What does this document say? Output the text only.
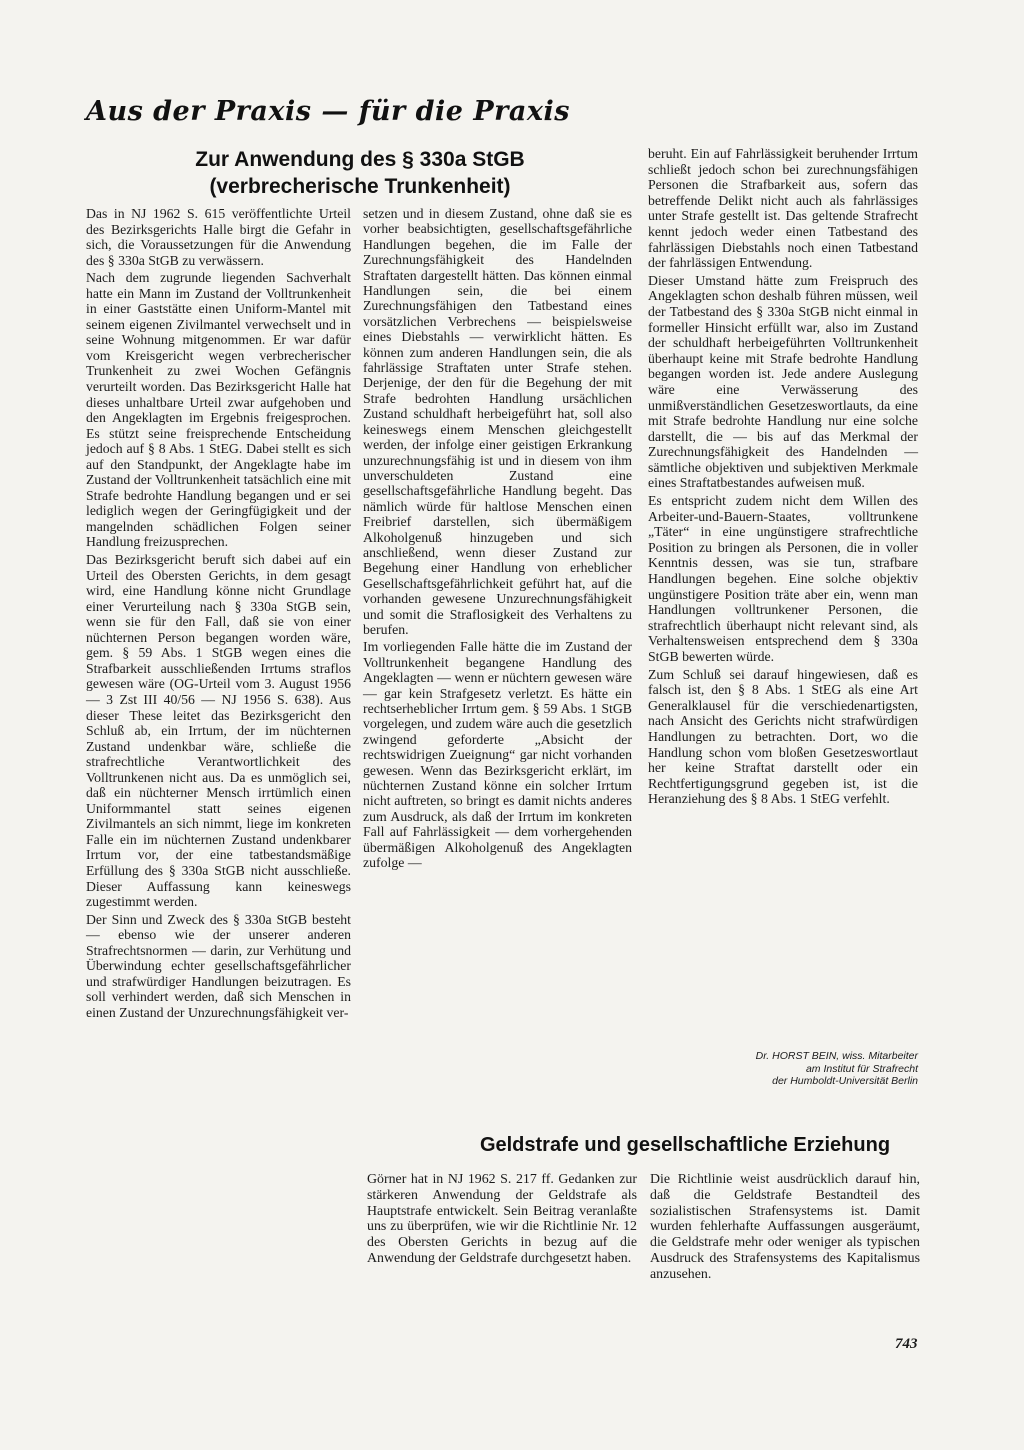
Aus der Praxis — für die Praxis
Zur Anwendung des § 330a StGB
(verbrecherische Trunkenheit)

Das in NJ 1962 S. 615 veröffentlichte Urteil des Bezirksgerichts Halle birgt die Gefahr in sich, die Voraussetzungen für die Anwendung des § 330a StGB zu verwässern.

Nach dem zugrunde liegenden Sachverhalt hatte ein Mann im Zustand der Volltrunkenheit in einer Gaststätte einen Uniform-Mantel mit seinem eigenen Zivilmantel verwechselt und in seine Wohnung mitgenommen. Er war dafür vom Kreisgericht wegen verbrecherischer Trunkenheit zu zwei Wochen Gefängnis verurteilt worden. Das Bezirksgericht Halle hat dieses unhaltbare Urteil zwar aufgehoben und den Angeklagten im Ergebnis freigesprochen. Es stützt seine freisprechende Entscheidung jedoch auf § 8 Abs. 1 StEG. Dabei stellt es sich auf den Standpunkt, der Angeklagte habe im Zustand der Volltrunkenheit tatsächlich eine mit Strafe bedrohte Handlung begangen und er sei lediglich wegen der Geringfügigkeit und der mangelnden schädlichen Folgen seiner Handlung freizusprechen.

Das Bezirksgericht beruft sich dabei auf ein Urteil des Obersten Gerichts, in dem gesagt wird, eine Handlung könne nicht Grundlage einer Verurteilung nach § 330a StGB sein, wenn sie für den Fall, daß sie von einer nüchternen Person begangen worden wäre, gem. § 59 Abs. 1 StGB wegen eines die Strafbarkeit ausschließenden Irrtums straflos gewesen wäre (OG-Urteil vom 3. August 1956 — 3 Zst III 40/56 — NJ 1956 S. 638). Aus dieser These leitet das Bezirksgericht den Schluß ab, ein Irrtum, der im nüchternen Zustand undenkbar wäre, schließe die strafrechtliche Verantwortlichkeit des Volltrunkenen nicht aus. Da es unmöglich sei, daß ein nüchterner Mensch irrtümlich einen Uniformmantel statt seines eigenen Zivilmantels an sich nimmt, liege im konkreten Falle ein im nüchternen Zustand undenkbarer Irrtum vor, der eine tatbestandsmäßige Erfüllung des § 330a StGB nicht ausschließe. Dieser Auffassung kann keineswegs zugestimmt werden.

Der Sinn und Zweck des § 330a StGB besteht — ebenso wie der unserer anderen Strafrechtsnormen — darin, zur Verhütung und Überwindung echter gesellschaftsgefährlicher und strafwürdiger Handlungen beizutragen. Es soll verhindert werden, daß sich Menschen in einen Zustand der Unzurechnungsfähigkeit ver-

setzen und in diesem Zustand, ohne daß sie es vorher beabsichtigten, gesellschaftsgefährliche Handlungen begehen, die im Falle der Zurechnungsfähigkeit des Handelnden Straftaten dargestellt hätten. Das können einmal Handlungen sein, die bei einem Zurechnungsfähigen den Tatbestand eines vorsätzlichen Verbrechens — beispielsweise eines Diebstahls — verwirklicht hätten. Es können zum anderen Handlungen sein, die als fahrlässige Straftaten unter Strafe stehen. Derjenige, der den für die Begehung der mit Strafe bedrohten Handlung ursächlichen Zustand schuldhaft herbeigeführt hat, soll also keineswegs einem Menschen gleichgestellt werden, der infolge einer geistigen Erkrankung unzurechnungsfähig ist und in diesem von ihm unverschuldeten Zustand eine gesellschaftsgefährliche Handlung begeht. Das nämlich würde für haltlose Menschen einen Freibrief darstellen, sich übermäßigem Alkoholgenuß hinzugeben und sich anschließend, wenn dieser Zustand zur Begehung einer Handlung von erheblicher Gesellschaftsgefährlichkeit geführt hat, auf die vorhanden gewesene Unzurechnungsfähigkeit und somit die Straflosigkeit des Verhaltens zu berufen.

Im vorliegenden Falle hätte die im Zustand der Volltrunkenheit begangene Handlung des Angeklagten — wenn er nüchtern gewesen wäre — gar kein Strafgesetz verletzt. Es hätte ein rechtserheblicher Irrtum gem. § 59 Abs. 1 StGB vorgelegen, und zudem wäre auch die gesetzlich zwingend geforderte „Absicht der rechtswidrigen Zueignung“ gar nicht vorhanden gewesen. Wenn das Bezirksgericht erklärt, im nüchternen Zustand könne ein solcher Irrtum nicht auftreten, so bringt es damit nichts anderes zum Ausdruck, als daß der Irrtum im konkreten Fall auf Fahrlässigkeit — dem vorhergehenden übermäßigen Alkoholgenuß des Angeklagten zufolge —

beruht. Ein auf Fahrlässigkeit beruhender Irrtum schließt jedoch schon bei zurechnungsfähigen Personen die Strafbarkeit aus, sofern das betreffende Delikt nicht auch als fahrlässiges unter Strafe gestellt ist. Das geltende Strafrecht kennt jedoch weder einen Tatbestand des fahrlässigen Diebstahls noch einen Tatbestand der fahrlässigen Entwendung.

Dieser Umstand hätte zum Freispruch des Angeklagten schon deshalb führen müssen, weil der Tatbestand des § 330a StGB nicht einmal in formeller Hinsicht erfüllt war, also im Zustand der schuldhaft herbeigeführten Volltrunkenheit überhaupt keine mit Strafe bedrohte Handlung begangen worden ist. Jede andere Auslegung wäre eine Verwässerung des unmißverständlichen Gesetzeswortlauts, da eine mit Strafe bedrohte Handlung nur eine solche darstellt, die — bis auf das Merkmal der Zurechnungsfähigkeit des Handelnden — sämtliche objektiven und subjektiven Merkmale eines Straftatbestandes aufweisen muß.

Es entspricht zudem nicht dem Willen des Arbeiter-und-Bauern-Staates, volltrunkene „Täter“ in eine ungünstigere strafrechtliche Position zu bringen als Personen, die in voller Kenntnis dessen, was sie tun, strafbare Handlungen begehen. Eine solche objektiv ungünstigere Position träte aber ein, wenn man Handlungen volltrunkener Personen, die strafrechtlich überhaupt nicht relevant sind, als Verhaltensweisen entsprechend dem § 330a StGB bewerten würde.

Zum Schluß sei darauf hingewiesen, daß es falsch ist, den § 8 Abs. 1 StEG als eine Art Generalklausel für die verschiedenartigsten, nach Ansicht des Gerichts nicht strafwürdigen Handlungen zu betrachten. Dort, wo die Handlung schon vom bloßen Gesetzeswortlaut her keine Straftat darstellt oder ein Rechtfertigungsgrund gegeben ist, ist die Heranziehung des § 8 Abs. 1 StEG verfehlt.

Dr. HORST BEIN, wiss. Mitarbeiter
am Institut für Strafrecht
der Humboldt-Universität Berlin
Geldstrafe und gesellschaftliche Erziehung

Görner hat in NJ 1962 S. 217 ff. Gedanken zur stärkeren Anwendung der Geldstrafe als Hauptstrafe entwickelt. Sein Beitrag veranlaßte uns zu überprüfen, wie wir die Richtlinie Nr. 12 des Obersten Gerichts in bezug auf die Anwendung der Geldstrafe durchgesetzt haben.

Die Richtlinie weist ausdrücklich darauf hin, daß die Geldstrafe Bestandteil des sozialistischen Strafensystems ist. Damit wurden fehlerhafte Auffassungen ausgeräumt, die Geldstrafe mehr oder weniger als typischen Ausdruck des Strafensystems des Kapitalismus anzusehen.

743
